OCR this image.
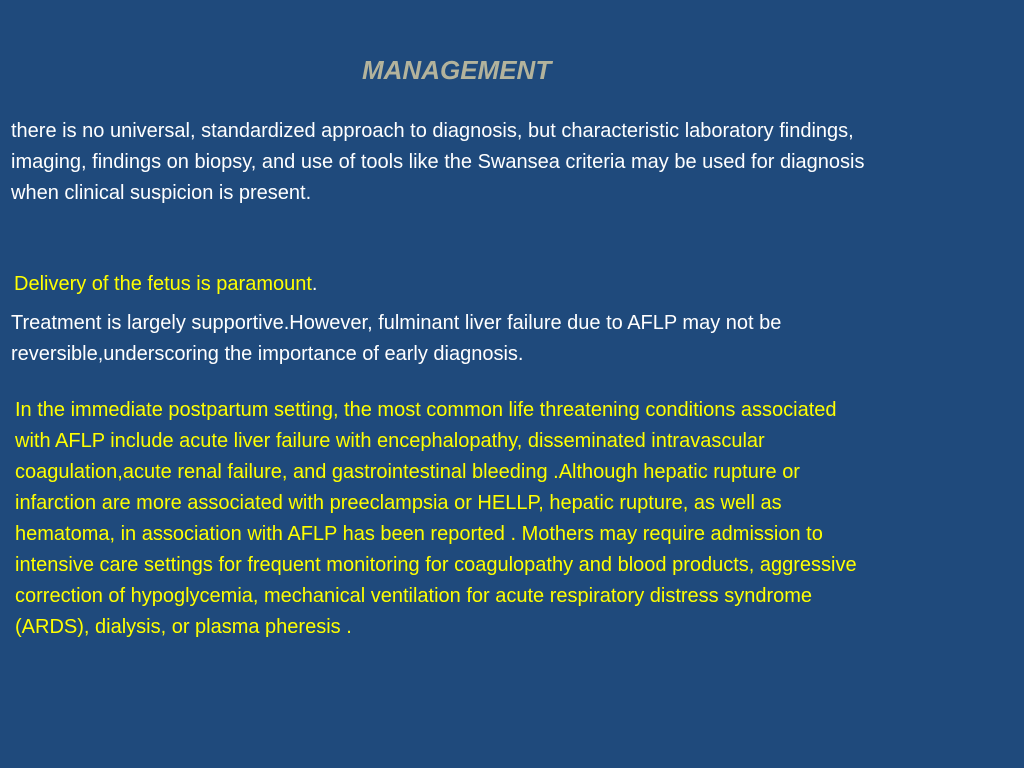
MANAGEMENT
there is no universal, standardized approach to diagnosis, but characteristic laboratory findings,
imaging, findings on biopsy, and use of tools like the Swansea criteria may be used for diagnosis
when clinical suspicion is present.

Delivery of the fetus is paramount.

Treatment is largely supportive.However, fulminant liver failure due to AFLP may not be
reversible,underscoring the importance of early diagnosis.
In the immediate postpartum setting, the most common life threatening conditions associated
with AFLP include acute liver failure with encephalopathy, disseminated intravascular
coagulation,acute renal failure, and gastrointestinal bleeding .Although hepatic rupture or
infarction are more associated with preeclampsia or HELLP, hepatic rupture, as well as
hematoma, in association with AFLP has been reported . Mothers may require admission to
intensive care settings for frequent monitoring for coagulopathy and blood products, aggressive
correction of hypoglycemia, mechanical ventilation for acute respiratory distress syndrome
(ARDS), dialysis, or plasma pheresis .
